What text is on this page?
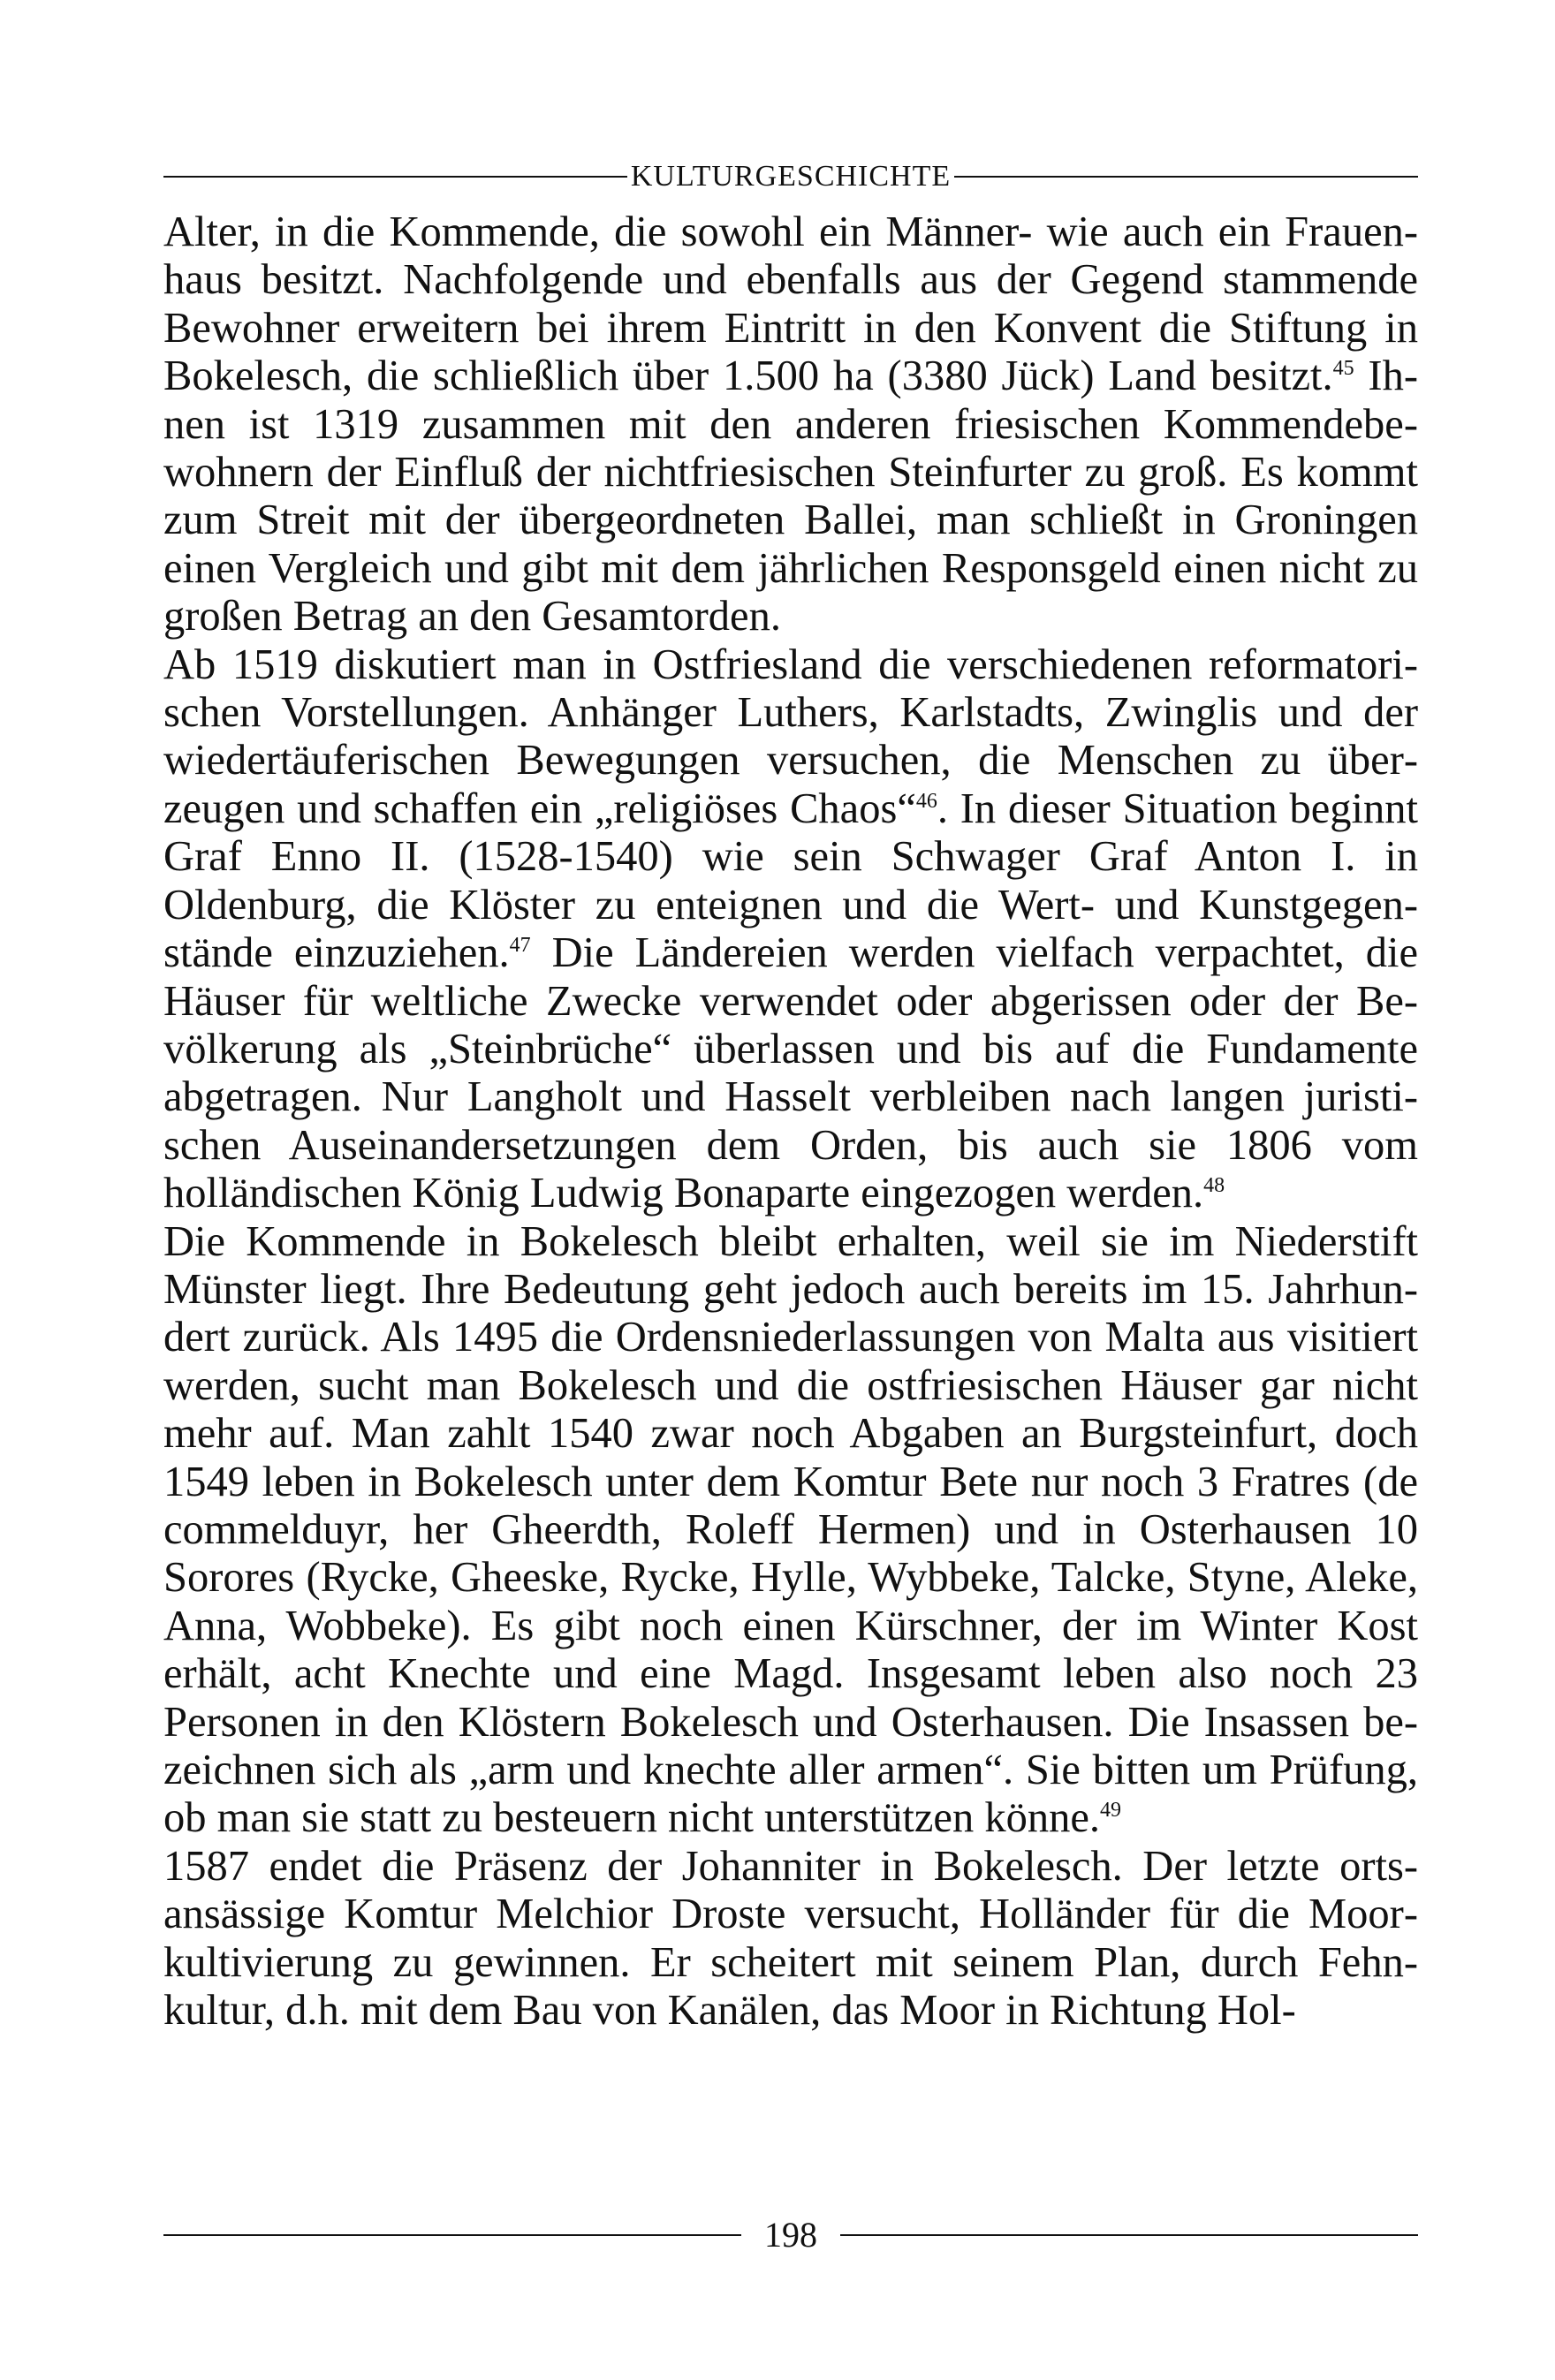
KULTURGESCHICHTE

Alter, in die Kommende, die sowohl ein Männer- wie auch ein Frauenhaus besitzt. Nachfolgende und ebenfalls aus der Gegend stammende Bewohner erweitern bei ihrem Eintritt in den Konvent die Stiftung in Bokelesch, die schließlich über 1.500 ha (3380 Jück) Land besitzt.$^{45}$ Ihnen ist 1319 zusammen mit den anderen friesischen Kommendebewohnern der Einfluß der nichtfriesischen Steinfurter zu groß. Es kommt zum Streit mit der übergeordneten Ballei, man schließt in Groningen einen Vergleich und gibt mit dem jährlichen Responsgeld einen nicht zu großen Betrag an den Gesamtorden.

Ab 1519 diskutiert man in Ostfriesland die verschiedenen reformatorischen Vorstellungen. Anhänger Luthers, Karlstadts, Zwinglis und der wiedertäuferischen Bewegungen versuchen, die Menschen zu überzeugen und schaffen ein „religiöses Chaos“$^{46}$. In dieser Situation beginnt Graf Enno II. (1528-1540) wie sein Schwager Graf Anton I. in Oldenburg, die Klöster zu enteignen und die Wert- und Kunstgegenstände einzuziehen.$^{47}$ Die Ländereien werden vielfach verpachtet, die Häuser für weltliche Zwecke verwendet oder abgerissen oder der Bevölkerung als „Steinbrüche“ überlassen und bis auf die Fundamente abgetragen. Nur Langholt und Hasselt verbleiben nach langen juristischen Auseinandersetzungen dem Orden, bis auch sie 1806 vom holländischen König Ludwig Bonaparte eingezogen werden.$^{48}$

Die Kommende in Bokelesch bleibt erhalten, weil sie im Niederstift Münster liegt. Ihre Bedeutung geht jedoch auch bereits im 15. Jahrhundert zurück. Als 1495 die Ordensniederlassungen von Malta aus visitiert werden, sucht man Bokelesch und die ostfriesischen Häuser gar nicht mehr auf. Man zahlt 1540 zwar noch Abgaben an Burgsteinfurt, doch 1549 leben in Bokelesch unter dem Komtur Bete nur noch 3 Fratres (de commelduyr, her Gheerdth, Roleff Hermen) und in Osterhausen 10 Sorores (Rycke, Gheeske, Rycke, Hylle, Wybbeke, Talcke, Styne, Aleke, Anna, Wobbeke). Es gibt noch einen Kürschner, der im Winter Kost erhält, acht Knechte und eine Magd. Insgesamt leben also noch 23 Personen in den Klöstern Bokelesch und Osterhausen. Die Insassen bezeichnen sich als „arm und knechte aller armen“. Sie bitten um Prüfung, ob man sie statt zu besteuern nicht unterstützen könne.$^{49}$

1587 endet die Präsenz der Johanniter in Bokelesch. Der letzte ortsansässige Komtur Melchior Droste versucht, Holländer für die Moorkultivierung zu gewinnen. Er scheitert mit seinem Plan, durch Fehnkultur, d.h. mit dem Bau von Kanälen, das Moor in Richtung Hol-

198
